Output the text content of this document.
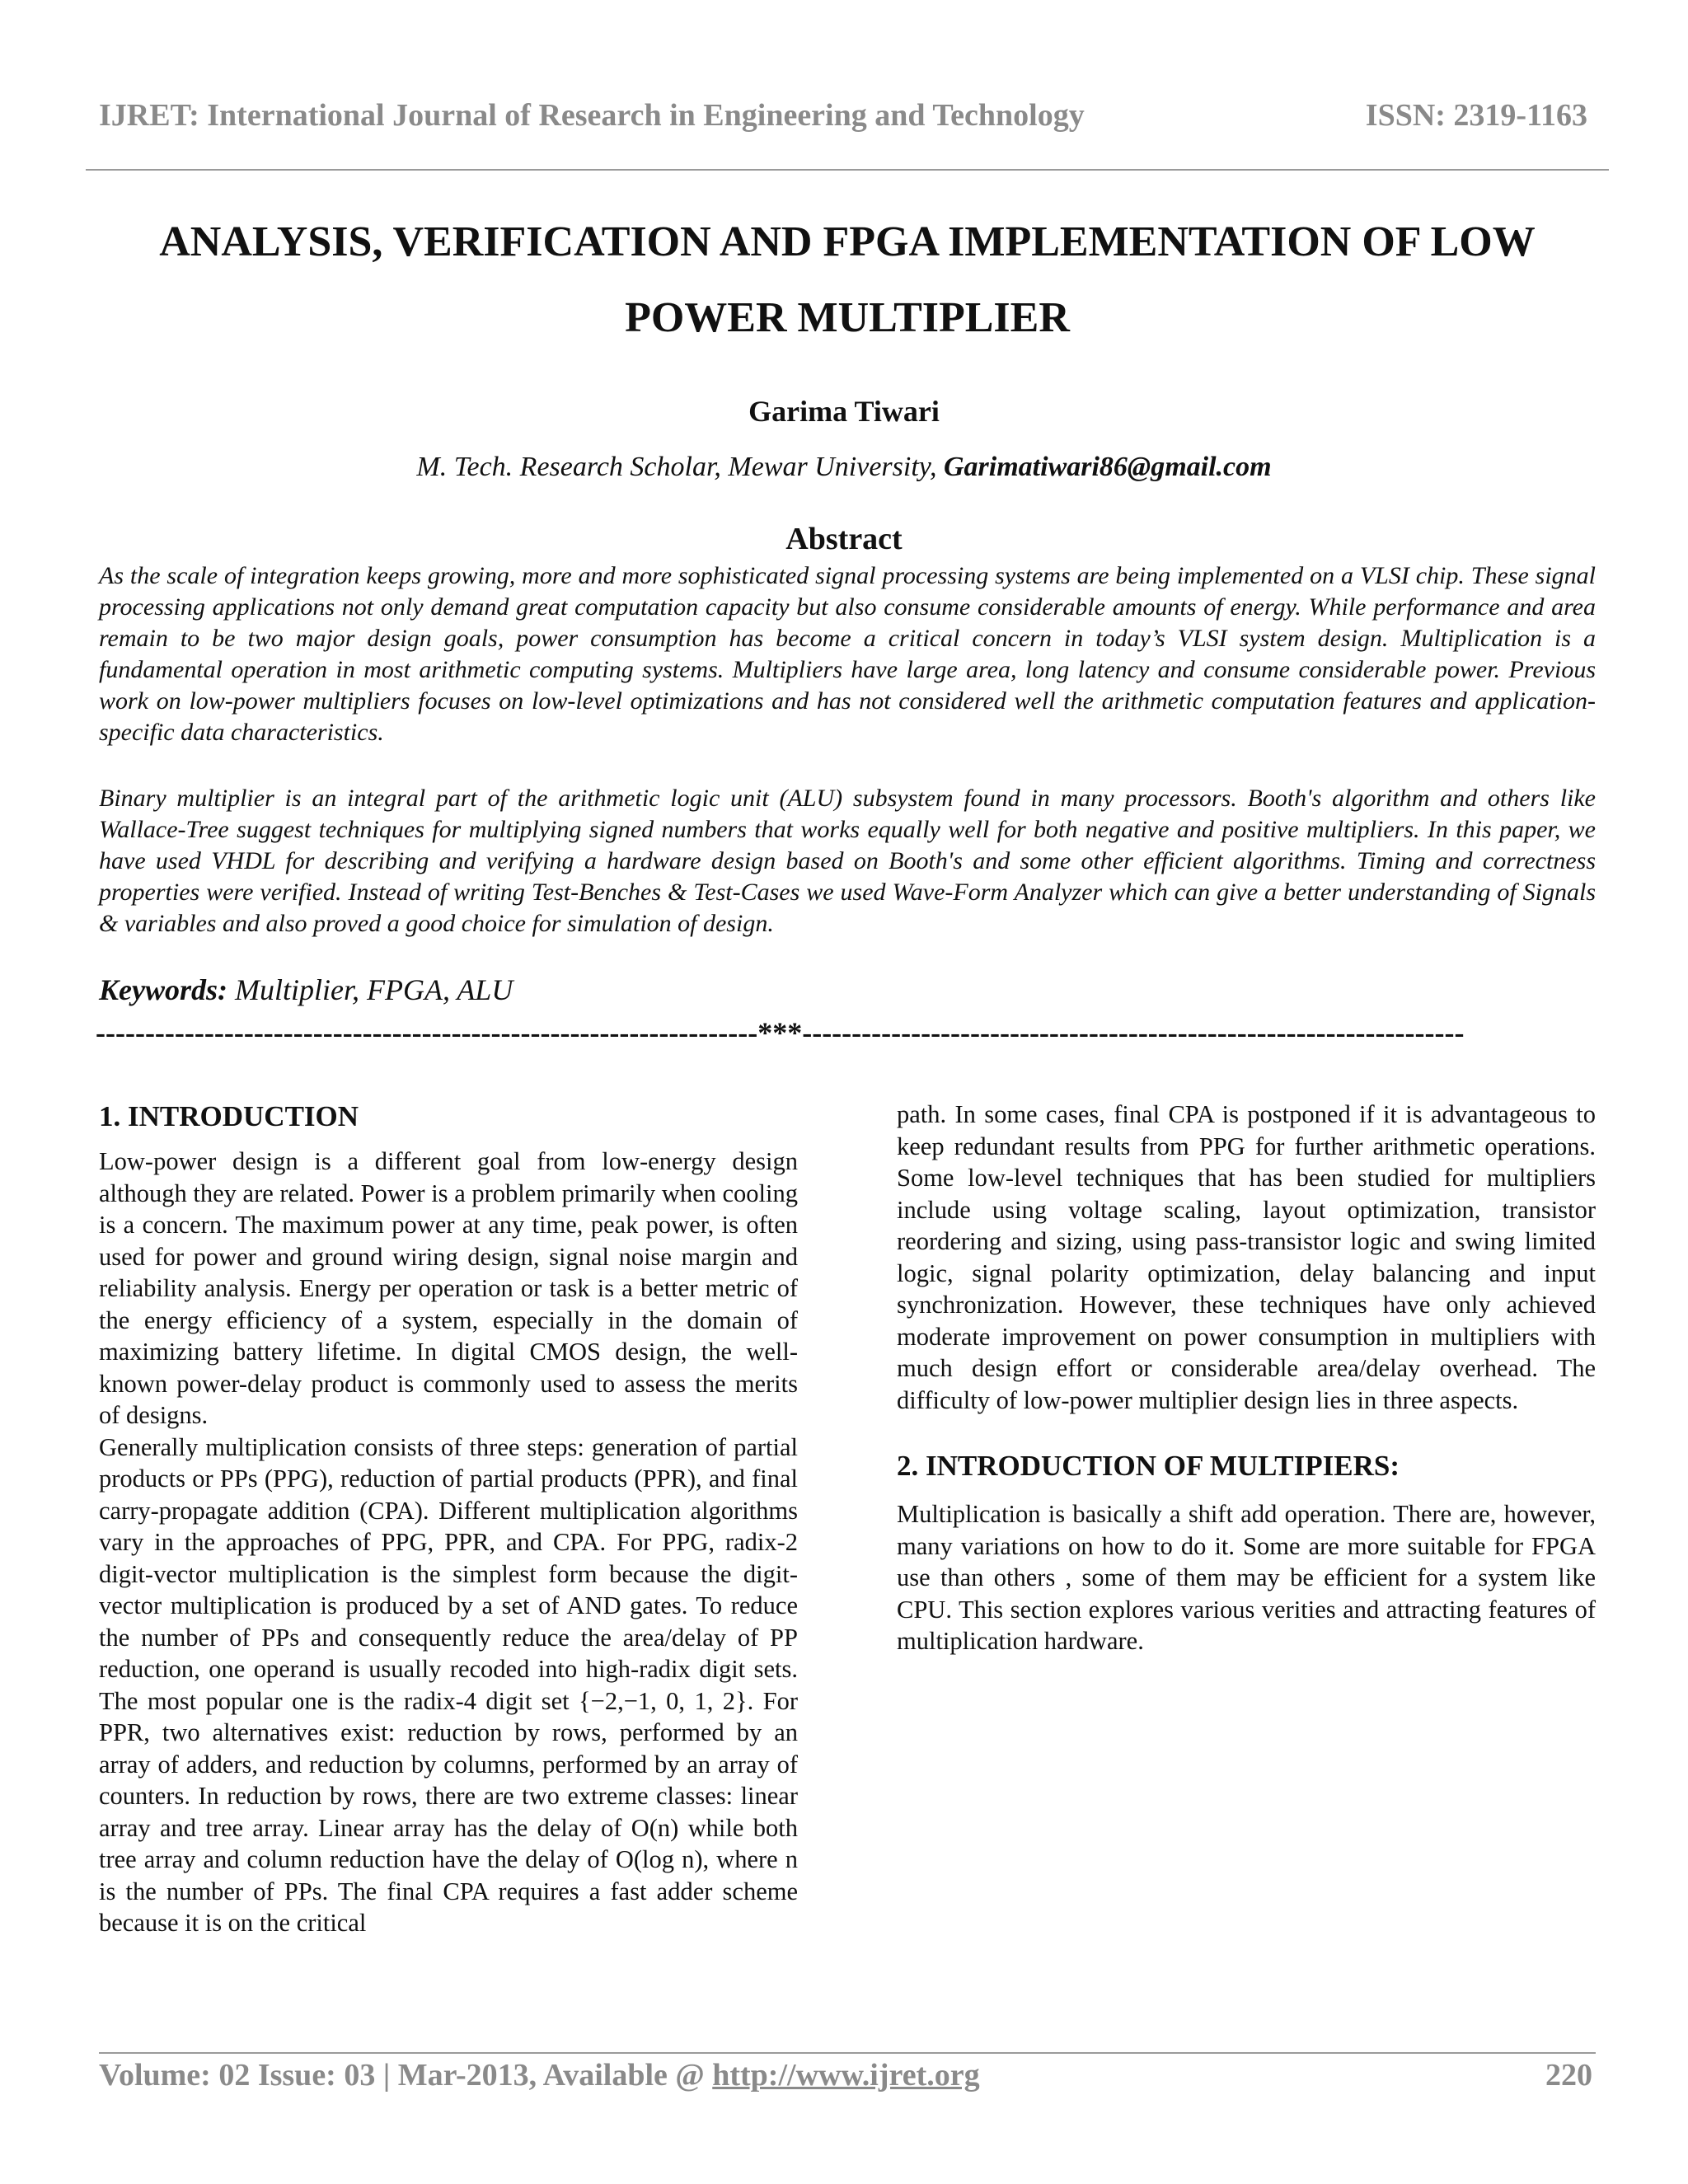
IJRET: International Journal of Research in Engineering and Technology	ISSN: 2319-1163
ANALYSIS, VERIFICATION AND FPGA IMPLEMENTATION OF LOW POWER MULTIPLIER
Garima Tiwari
M. Tech. Research Scholar, Mewar University, Garimatiwari86@gmail.com
Abstract

As the scale of integration keeps growing, more and more sophisticated signal processing systems are being implemented on a VLSI chip. These signal processing applications not only demand great computation capacity but also consume considerable amounts of energy. While performance and area remain to be two major design goals, power consumption has become a critical concern in today’s VLSI system design. Multiplication is a fundamental operation in most arithmetic computing systems. Multipliers have large area, long latency and consume considerable power. Previous work on low-power multipliers focuses on low-level optimizations and has not considered well the arithmetic computation features and application-specific data characteristics.

Binary multiplier is an integral part of the arithmetic logic unit (ALU) subsystem found in many processors. Booth's algorithm and others like Wallace-Tree suggest techniques for multiplying signed numbers that works equally well for both negative and positive multipliers. In this paper, we have used VHDL for describing and verifying a hardware design based on Booth's and some other efficient algorithms. Timing and correctness properties were verified. Instead of writing Test-Benches & Test-Cases we used Wave-Form Analyzer which can give a better understanding of Signals & variables and also proved a good choice for simulation of design.

Keywords: Multiplier, FPGA, ALU
-------------------------------------------------------------------***-------------------------------------------------------------------
1. INTRODUCTION

Low-power design is a different goal from low-energy design although they are related. Power is a problem primarily when cooling is a concern. The maximum power at any time, peak power, is often used for power and ground wiring design, signal noise margin and reliability analysis. Energy per operation or task is a better metric of the energy efficiency of a system, especially in the domain of maximizing battery lifetime. In digital CMOS design, the well-known power-delay product is commonly used to assess the merits of designs.

Generally multiplication consists of three steps: generation of partial products or PPs (PPG), reduction of partial products (PPR), and final carry-propagate addition (CPA). Different multiplication algorithms vary in the approaches of PPG, PPR, and CPA. For PPG, radix-2 digit-vector multiplication is the simplest form because the digit-vector multiplication is produced by a set of AND gates. To reduce the number of PPs and consequently reduce the area/delay of PP reduction, one operand is usually recoded into high-radix digit sets. The most popular one is the radix-4 digit set {−2,−1, 0, 1, 2}. For PPR, two alternatives exist: reduction by rows, performed by an array of adders, and reduction by columns, performed by an array of counters. In reduction by rows, there are two extreme classes: linear array and tree array. Linear array has the delay of O(n) while both tree array and column reduction have the delay of O(log n), where n is the number of PPs. The final CPA requires a fast adder scheme because it is on the critical

path. In some cases, final CPA is postponed if it is advantageous to keep redundant results from PPG for further arithmetic operations. Some low-level techniques that has been studied for multipliers include using voltage scaling, layout optimization, transistor reordering and sizing, using pass-transistor logic and swing limited logic, signal polarity optimization, delay balancing and input synchronization. However, these techniques have only achieved moderate improvement on power consumption in multipliers with much design effort or considerable area/delay overhead. The difficulty of low-power multiplier design lies in three aspects.

2. INTRODUCTION OF MULTIPIERS:

Multiplication is basically a shift add operation. There are, however, many variations on how to do it. Some are more suitable for FPGA use than others , some of them may be efficient for a system like CPU. This section explores various verities and attracting features of multiplication hardware.

Volume: 02 Issue: 03 | Mar-2013, Available @ http://www.ijret.org	220
